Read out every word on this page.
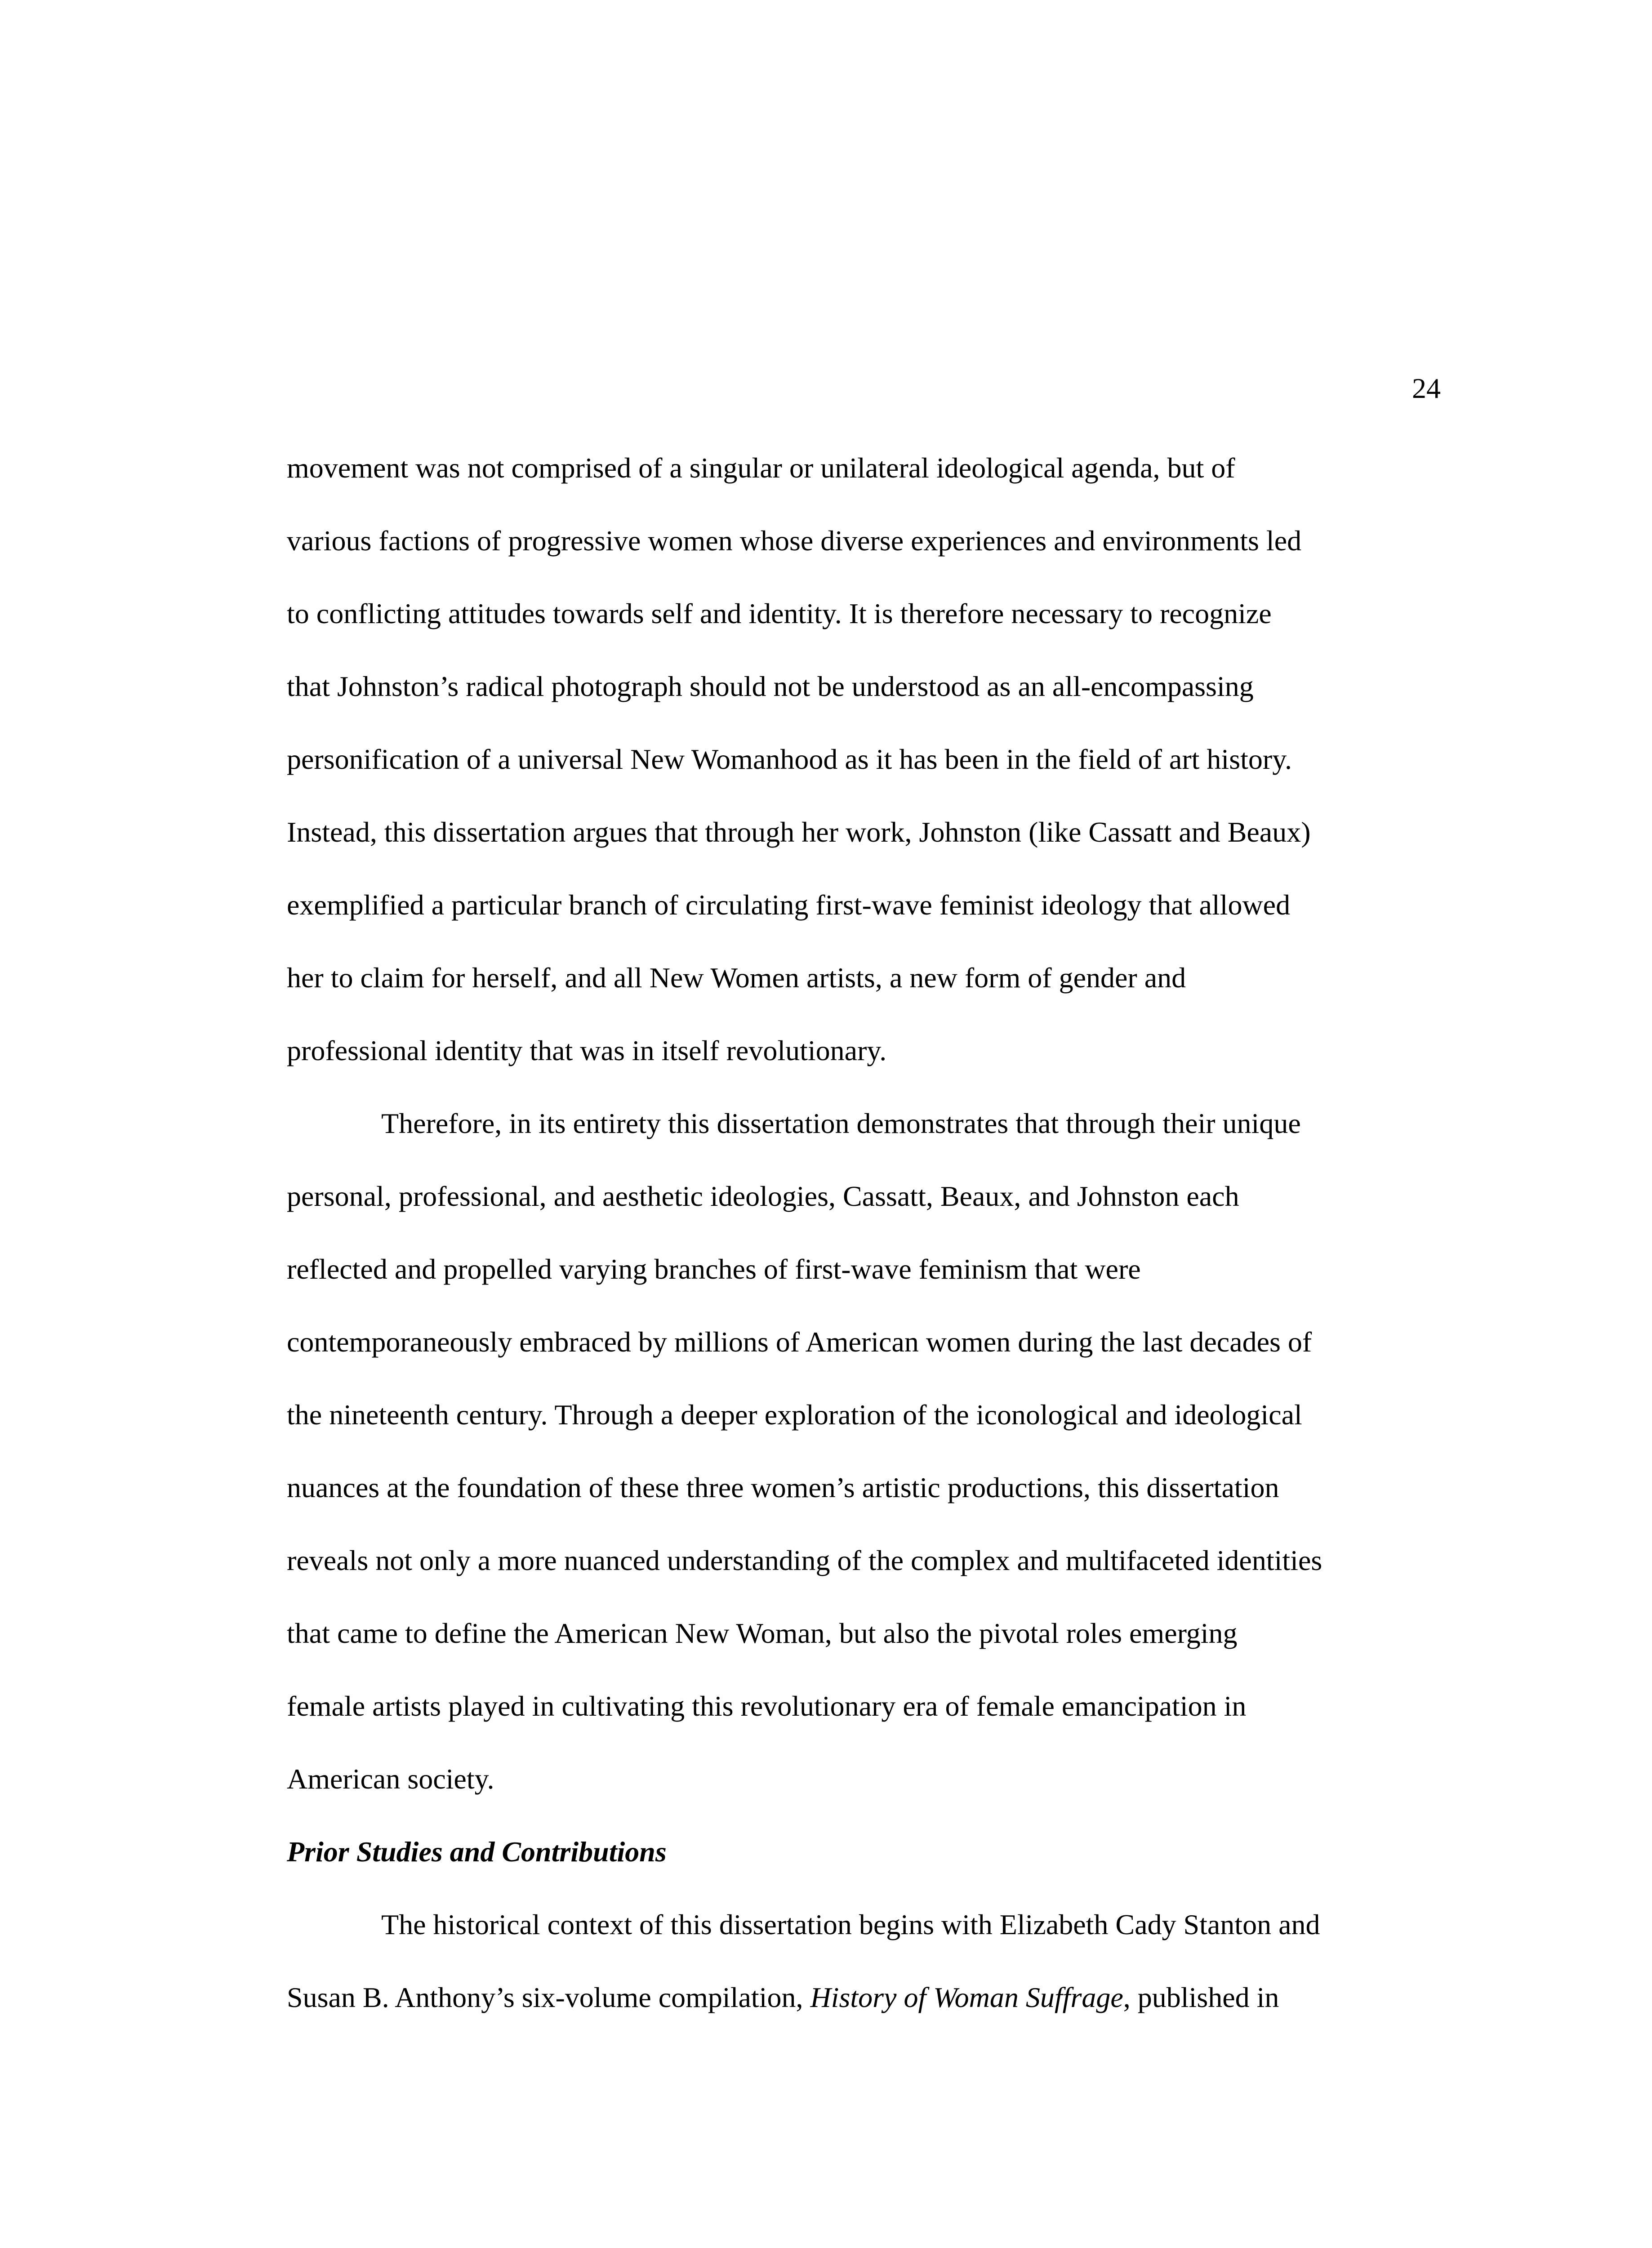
24
movement was not comprised of a singular or unilateral ideological agenda, but of
various factions of progressive women whose diverse experiences and environments led
to conflicting attitudes towards self and identity. It is therefore necessary to recognize
that Johnston’s radical photograph should not be understood as an all-encompassing
personification of a universal New Womanhood as it has been in the field of art history.
Instead, this dissertation argues that through her work, Johnston (like Cassatt and Beaux)
exemplified a particular branch of circulating first-wave feminist ideology that allowed
her to claim for herself, and all New Women artists, a new form of gender and
professional identity that was in itself revolutionary.
Therefore, in its entirety this dissertation demonstrates that through their unique
personal, professional, and aesthetic ideologies, Cassatt, Beaux, and Johnston each
reflected and propelled varying branches of first-wave feminism that were
contemporaneously embraced by millions of American women during the last decades of
the nineteenth century. Through a deeper exploration of the iconological and ideological
nuances at the foundation of these three women’s artistic productions, this dissertation
reveals not only a more nuanced understanding of the complex and multifaceted identities
that came to define the American New Woman, but also the pivotal roles emerging
female artists played in cultivating this revolutionary era of female emancipation in
American society.
Prior Studies and Contributions
The historical context of this dissertation begins with Elizabeth Cady Stanton and
Susan B. Anthony’s six-volume compilation, History of Woman Suffrage, published in
